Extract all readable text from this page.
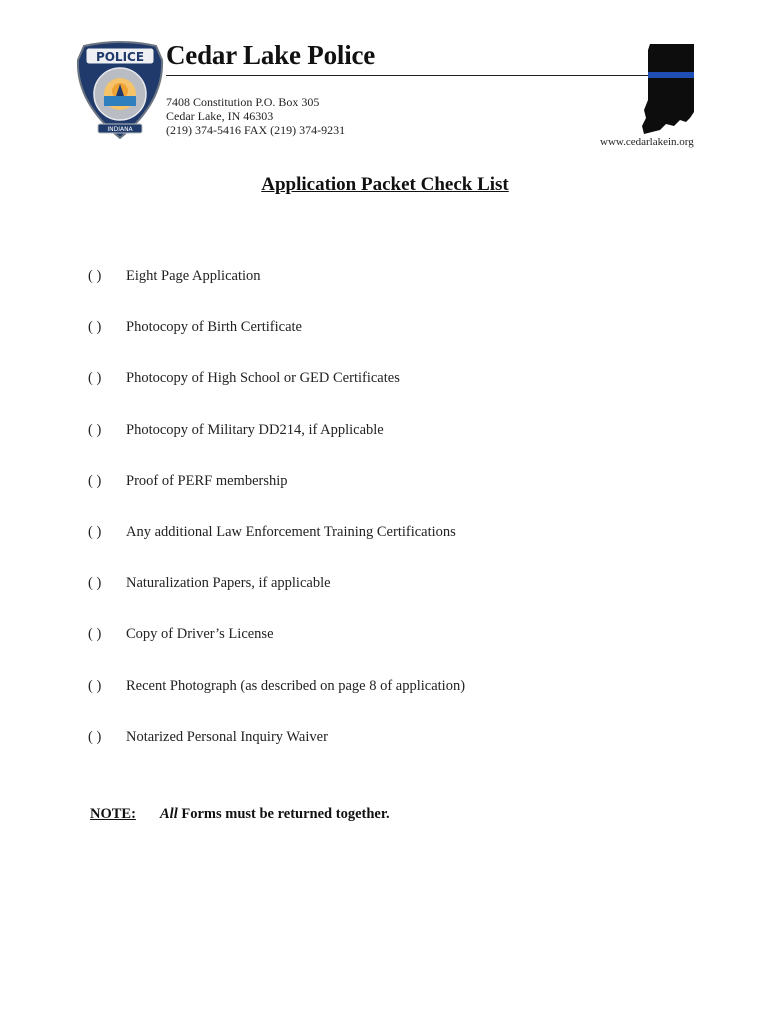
POLICE
INDIANA
Cedar Lake Police
7408 Constitution P.O. Box 305
Cedar Lake, IN 46303
(219) 374-5416 FAX (219) 374-9231
www.cedarlakein.org
Application Packet Check List
( ) Eight Page Application
( ) Photocopy of Birth Certificate
( ) Photocopy of High School or GED Certificates
( ) Photocopy of Military DD214, if Applicable
( ) Proof of PERF membership
( ) Any additional Law Enforcement Training Certifications
( ) Naturalization Papers, if applicable
( ) Copy of Driver’s License
( ) Recent Photograph (as described on page 8 of application)
( ) Notarized Personal Inquiry Waiver
NOTE: All Forms must be returned together.
